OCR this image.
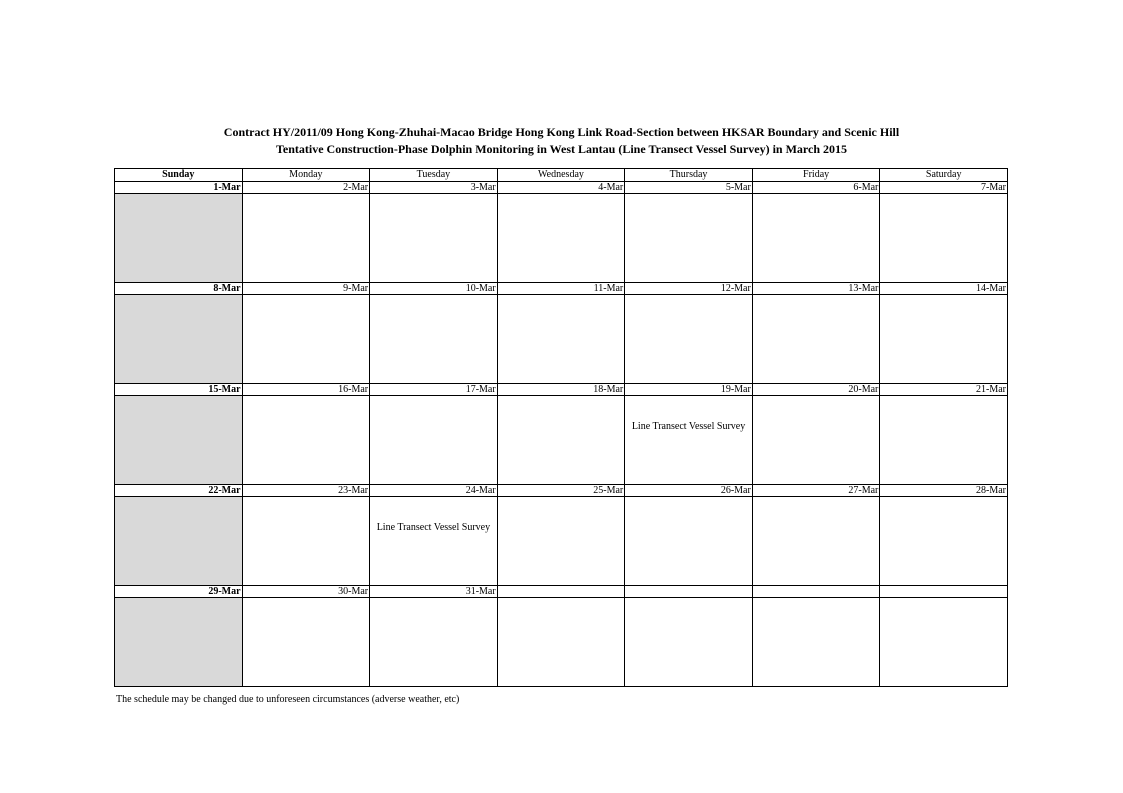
Contract HY/2011/09 Hong Kong-Zhuhai-Macao Bridge Hong Kong Link Road-Section between HKSAR Boundary and Scenic Hill
Tentative Construction-Phase Dolphin Monitoring in West Lantau (Line Transect Vessel Survey) in March 2015
Sunday	Monday	Tuesday	Wednesday	Thursday	Friday	Saturday
1-Mar	2-Mar	3-Mar	4-Mar	5-Mar	6-Mar	7-Mar

8-Mar	9-Mar	10-Mar	11-Mar	12-Mar	13-Mar	14-Mar

15-Mar	16-Mar	17-Mar	18-Mar	19-Mar	20-Mar	21-Mar

				Line Transect Vessel Survey		

22-Mar	23-Mar	24-Mar	25-Mar	26-Mar	27-Mar	28-Mar

		Line Transect Vessel Survey				

29-Mar	30-Mar	31-Mar				

The schedule may be changed due to unforeseen circumstances (adverse weather, etc)
